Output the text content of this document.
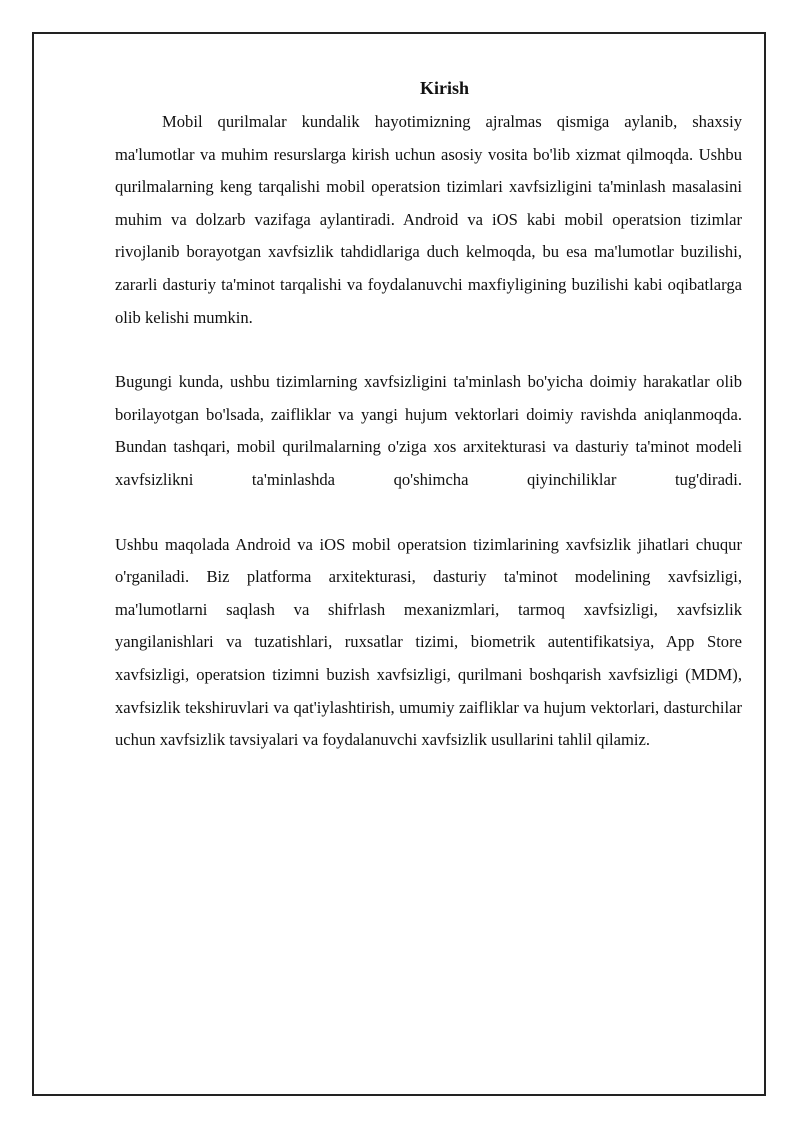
Kirish

Mobil qurilmalar kundalik hayotimizning ajralmas qismiga aylanib, shaxsiy ma'lumotlar va muhim resurslarga kirish uchun asosiy vosita bo'lib xizmat qilmoqda. Ushbu qurilmalarning keng tarqalishi mobil operatsion tizimlari xavfsizligini ta'minlash masalasini muhim va dolzarb vazifaga aylantiradi. Android va iOS kabi mobil operatsion tizimlar rivojlanib borayotgan xavfsizlik tahdidlariga duch kelmoqda, bu esa ma'lumotlar buzilishi, zararli dasturiy ta'minot tarqalishi va foydalanuvchi maxfiyligining buzilishi kabi oqibatlarga olib kelishi mumkin.

Bugungi kunda, ushbu tizimlarning xavfsizligini ta'minlash bo'yicha doimiy harakatlar olib borilayotgan bo'lsada, zaifliklar va yangi hujum vektorlari doimiy ravishda aniqlanmoqda. Bundan tashqari, mobil qurilmalarning o'ziga xos arxitekturasi va dasturiy ta'minot modeli xavfsizlikni ta'minlashda qo'shimcha qiyinchiliklar tug'diradi.

Ushbu maqolada Android va iOS mobil operatsion tizimlarining xavfsizlik jihatlari chuqur o'rganiladi. Biz platforma arxitekturasi, dasturiy ta'minot modelining xavfsizligi, ma'lumotlarni saqlash va shifrlash mexanizmlari, tarmoq xavfsizligi, xavfsizlik yangilanishlari va tuzatishlari, ruxsatlar tizimi, biometrik autentifikatsiya, App Store xavfsizligi, operatsion tizimni buzish xavfsizligi, qurilmani boshqarish xavfsizligi (MDM), xavfsizlik tekshiruvlari va qat'iylashtirish, umumiy zaifliklar va hujum vektorlari, dasturchilar uchun xavfsizlik tavsiyalari va foydalanuvchi xavfsizlik usullarini tahlil qilamiz.
